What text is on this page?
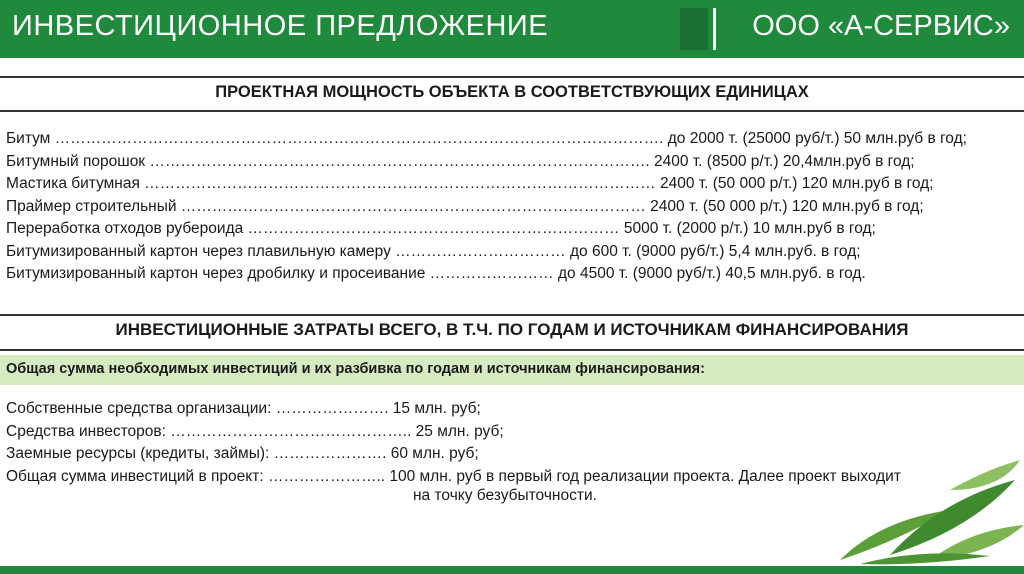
ИНВЕСТИЦИОННОЕ ПРЕДЛОЖЕНИЕ	ООО «А-СЕРВИС»
ПРОЕКТНАЯ МОЩНОСТЬ ОБЪЕКТА В СООТВЕТСТВУЮЩИХ ЕДИНИЦАХ
Битум ………………………………………………………………………………………………………. до 2000 т. (25000 руб/т.) 50 млн.руб в год;
Битумный порошок ……………………………………………………………………………………. 2400 т. (8500 р/т.) 20,4млн.руб в год;
Мастика битумная ……………………………………………………………………………………… 2400 т. (50 000 р/т.) 120 млн.руб в год;
Праймер строительный ……………………………………………………………………………… 2400 т. (50 000 р/т.) 120 млн.руб в год;
Переработка отходов рубероида ……………………………………………………………… 5000 т. (2000 р/т.) 10 млн.руб в год;
Битумизированный картон через плавильную камеру …………………………… до 600 т. (9000 руб/т.) 5,4 млн.руб. в год;
Битумизированный картон через дробилку и просеивание …………………… до 4500 т. (9000 руб/т.) 40,5 млн.руб. в год.
ИНВЕСТИЦИОННЫЕ ЗАТРАТЫ ВСЕГО, В Т.Ч. ПО ГОДАМ И ИСТОЧНИКАМ ФИНАНСИРОВАНИЯ
Общая сумма необходимых инвестиций и их разбивка по годам и источникам финансирования:
Собственные средства организации: …………………. 15 млн. руб;
Средства инвесторов: ……………………………………….. 25 млн. руб;
Заемные ресурсы (кредиты, займы): …………………. 60 млн. руб;
Общая сумма инвестиций в проект: ………………….. 100 млн. руб в первый год реализации проекта. Далее проект выходит
на точку безубыточности.
